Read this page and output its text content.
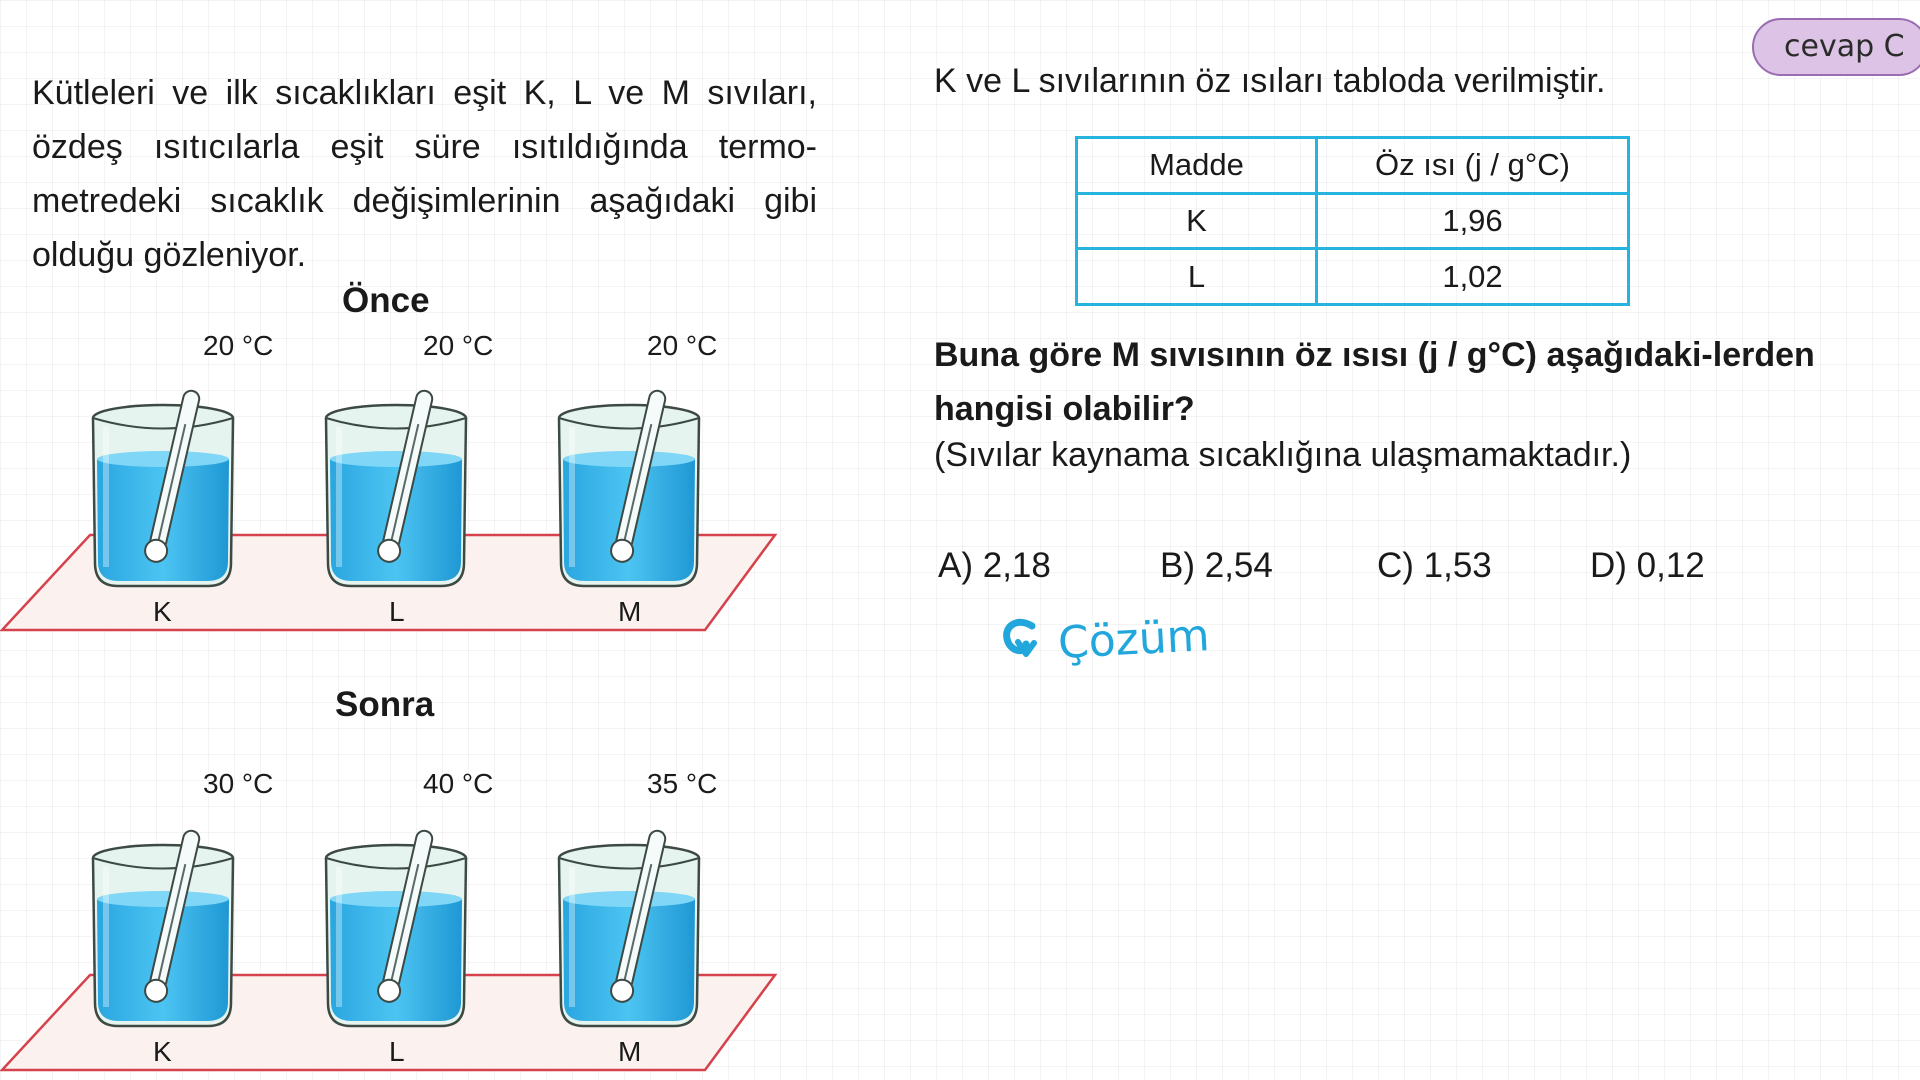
Kütleleri ve ilk sıcaklıkları eşit K, L ve M sıvıları, özdeş ısıtıcılarla eşit süre ısıtıldığında termo-metredeki sıcaklık değişimlerinin aşağıdaki gibi olduğu gözleniyor.

Önce
20 °C	20 °C	20 °C
K	L	M
Sonra
30 °C	40 °C	35 °C
K	L	M

K ve L sıvılarının öz ısıları tabloda verilmiştir.

Madde	Öz ısı (j / g°C)
K	1,96
L	1,02

Buna göre M sıvısının öz ısısı (j / g°C) aşağıdaki-lerden hangisi olabilir?

(Sıvılar kaynama sıcaklığına ulaşmamaktadır.)

A) 2,18	B) 2,54	C) 1,53	D) 0,12
cevap C
Çözüm
